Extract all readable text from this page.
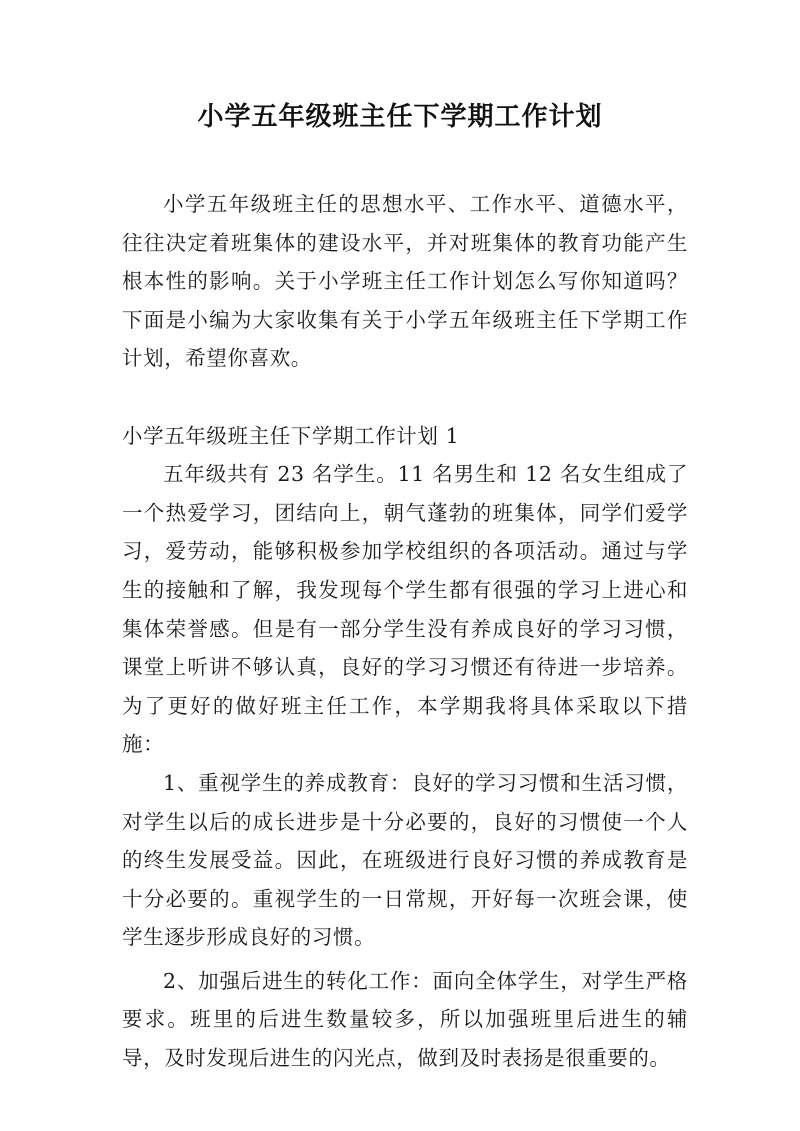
小学五年级班主任下学期工作计划

小学五年级班主任的思想水平、工作水平、道德水平，往往决定着班集体的建设水平，并对班集体的教育功能产生根本性的影响。关于小学班主任工作计划怎么写你知道吗？下面是小编为大家收集有关于小学五年级班主任下学期工作计划，希望你喜欢。

小学五年级班主任下学期工作计划 1

五年级共有 23 名学生。11 名男生和 12 名女生组成了一个热爱学习，团结向上，朝气蓬勃的班集体，同学们爱学习，爱劳动，能够积极参加学校组织的各项活动。通过与学生的接触和了解，我发现每个学生都有很强的学习上进心和集体荣誉感。但是有一部分学生没有养成良好的学习习惯，课堂上听讲不够认真，良好的学习习惯还有待进一步培养。为了更好的做好班主任工作，本学期我将具体采取以下措施：

1、重视学生的养成教育：良好的学习习惯和生活习惯，对学生以后的成长进步是十分必要的，良好的习惯使一个人的终生发展受益。因此，在班级进行良好习惯的养成教育是十分必要的。重视学生的一日常规，开好每一次班会课，使学生逐步形成良好的习惯。

2、加强后进生的转化工作：面向全体学生，对学生严格要求。班里的后进生数量较多，所以加强班里后进生的辅导，及时发现后进生的闪光点，做到及时表扬是很重要的。
